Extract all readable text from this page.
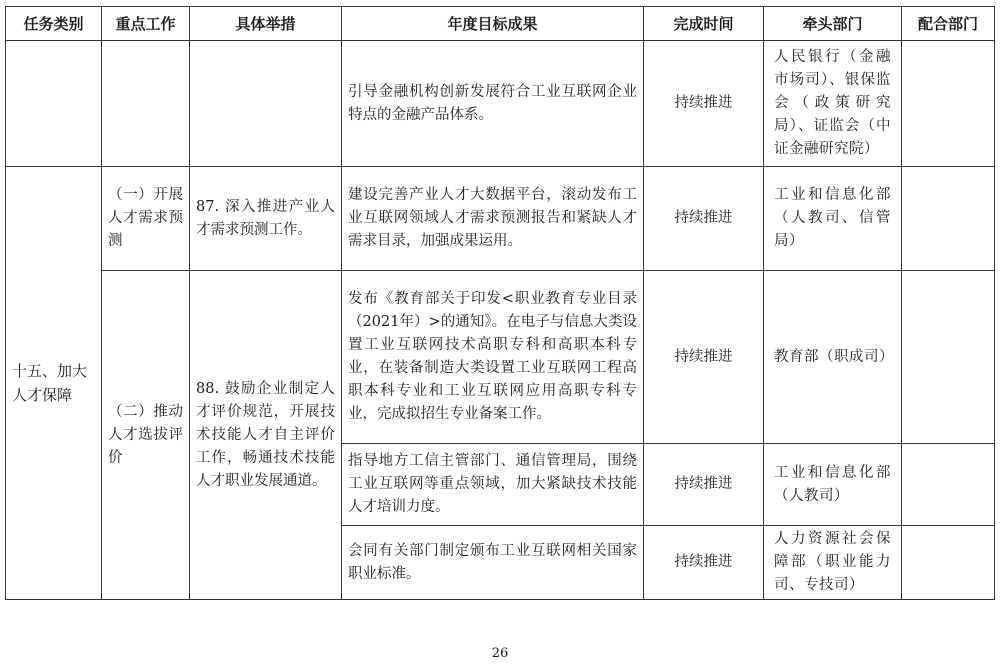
任务类别	重点工作	具体举措	年度目标成果	完成时间	牵头部门	配合部门
			引导金融机构创新发展符合工业互联网企业特点的金融产品体系。	持续推进	人民银行（金融市场司）、银保监会（政策研究局）、证监会（中证金融研究院）	
十五、加大人才保障	（一）开展人才需求预测	87. 深入推进产业人才需求预测工作。	建设完善产业人才大数据平台，滚动发布工业互联网领域人才需求预测报告和紧缺人才需求目录，加强成果运用。	持续推进	工业和信息化部（人教司、信管局）	
	（二）推动人才选拔评价	88. 鼓励企业制定人才评价规范，开展技术技能人才自主评价工作，畅通技术技能人才职业发展通道。	发布《教育部关于印发<职业教育专业目录（2021年）>的通知》。在电子与信息大类设置工业互联网技术高职专科和高职本科专业，在装备制造大类设置工业互联网工程高职本科专业和工业互联网应用高职专科专业，完成拟招生专业备案工作。	持续推进	教育部（职成司）	
			指导地方工信主管部门、通信管理局，围绕工业互联网等重点领域，加大紧缺技术技能人才培训力度。	持续推进	工业和信息化部（人教司）	
			会同有关部门制定颁布工业互联网相关国家职业标准。	持续推进	人力资源社会保障部（职业能力司、专技司）	
26
